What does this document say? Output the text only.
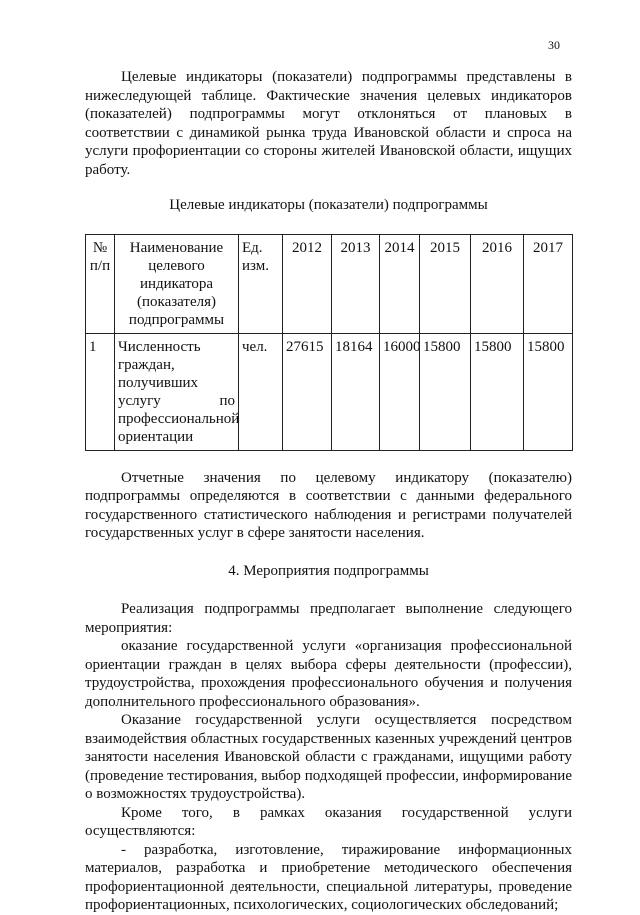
30

Целевые индикаторы (показатели) подпрограммы представлены в нижеследующей таблице. Фактические значения целевых индикаторов (показателей) подпрограммы могут отклоняться от плановых в соответствии с динамикой рынка труда Ивановской области и спроса на услуги профориентации со стороны жителей Ивановской области, ищущих работу.

Целевые индикаторы (показатели) подпрограммы

№ п/п	Наименование целевого индикатора (показателя) подпрограммы	Ед. изм.	2012	2013	2014	2015	2016	2017
1	Численность граждан, получивших услугу по профессиональной ориентации	чел.	27615	18164	16000	15800	15800	15800

Отчетные значения по целевому индикатору (показателю) подпрограммы определяются в соответствии с данными федерального государственного статистического наблюдения и регистрами получателей государственных услуг в сфере занятости населения.

4. Мероприятия подпрограммы

Реализация подпрограммы предполагает выполнение следующего мероприятия:

оказание государственной услуги «организация профессиональной ориентации граждан в целях выбора сферы деятельности (профессии), трудоустройства, прохождения профессионального обучения и получения дополнительного профессионального образования».

Оказание государственной услуги осуществляется посредством взаимодействия областных государственных казенных учреждений центров занятости населения Ивановской области с гражданами, ищущими работу (проведение тестирования, выбор подходящей профессии, информирование о возможностях трудоустройства).

Кроме того, в рамках оказания государственной услуги осуществляются:

- разработка, изготовление, тиражирование информационных материалов, разработка и приобретение методического обеспечения профориентационной деятельности, специальной литературы, проведение профориентационных, психологических, социологических обследований;
